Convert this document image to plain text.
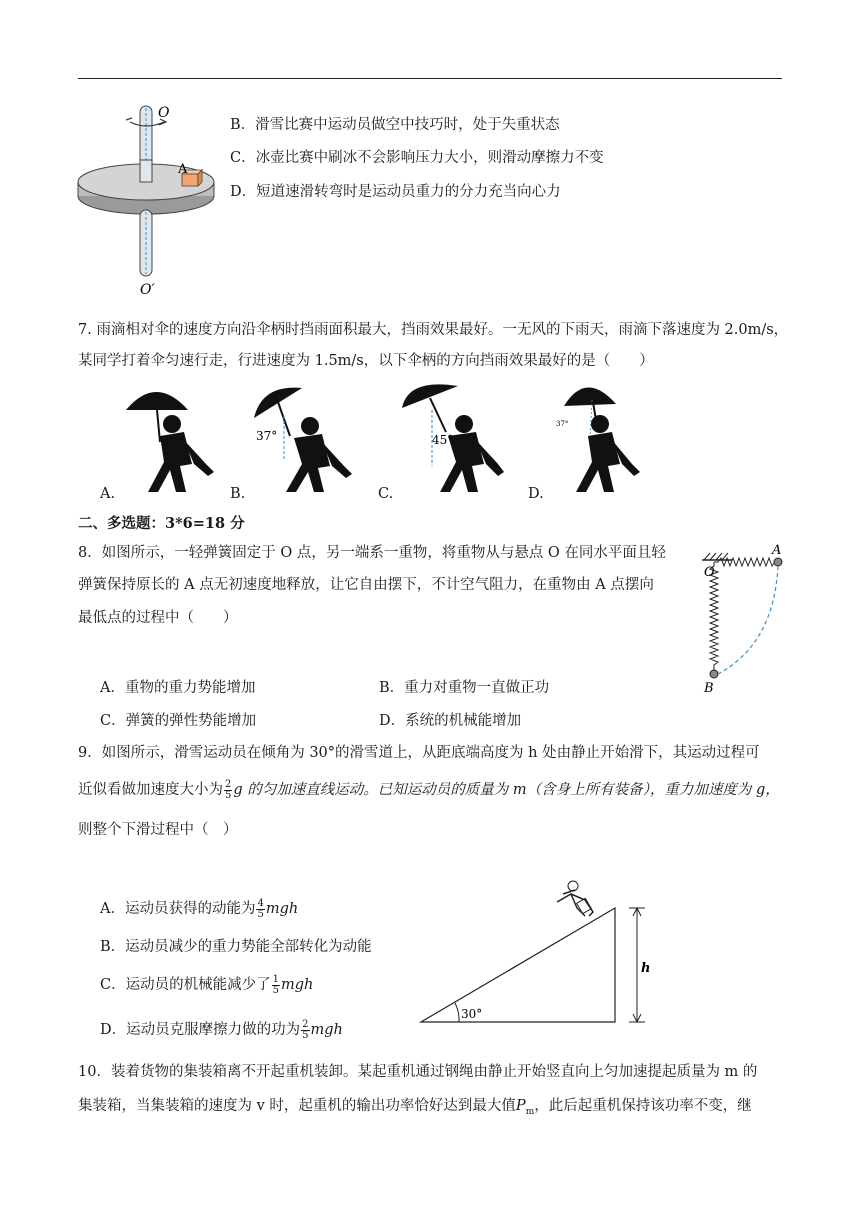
O
A
O′
B．滑雪比赛中运动员做空中技巧时，处于失重状态
C．冰壶比赛中刷冰不会影响压力大小，则滑动摩擦力不变
D．短道速滑转弯时是运动员重力的分力充当向心力
7. 雨滴相对伞的速度方向沿伞柄时挡雨面积最大，挡雨效果最好。一无风的下雨天，雨滴下落速度为 2.0m/s，
某同学打着伞匀速行走，行进速度为 1.5m/s，以下伞柄的方向挡雨效果最好的是（　　）
37°	45°
37°
A.	B.	C.	D.
二、多选题：3*6=18 分
8．如图所示，一轻弹簧固定于 O 点，另一端系一重物，将重物从与悬点 O 在同水平面且轻
弹簧保持原长的 A 点无初速度地释放，让它自由摆下，不计空气阻力，在重物由 A 点摆向
最低点的过程中（　　）
O
A
B
A．重物的重力势能增加	B．重力对重物一直做正功
C．弹簧的弹性势能增加	D．系统的机械能增加
9．如图所示，滑雪运动员在倾角为 30°的滑雪道上，从距底端高度为 h 处由静止开始滑下，其运动过程可
近似看做加速度大小为 $\frac{2}{5}$ g 的匀加速直线运动。已知运动员的质量为 m（含身上所有装备），重力加速度为 g，
则整个下滑过程中（　）
A．运动员获得的动能为 $\frac{4}{5}$ mgh
B．运动员减少的重力势能全部转化为动能
C．运动员的机械能减少了 $\frac{1}{5}$ mgh
D．运动员克服摩擦力做的功为 $\frac{2}{5}$ mgh
30°
h
10．装着货物的集装箱离不开起重机装卸。某起重机通过钢绳由静止开始竖直向上匀加速提起质量为 m 的
集装箱，当集装箱的速度为 v 时，起重机的输出功率恰好达到最大值$P_m$，此后起重机保持该功率不变，继
